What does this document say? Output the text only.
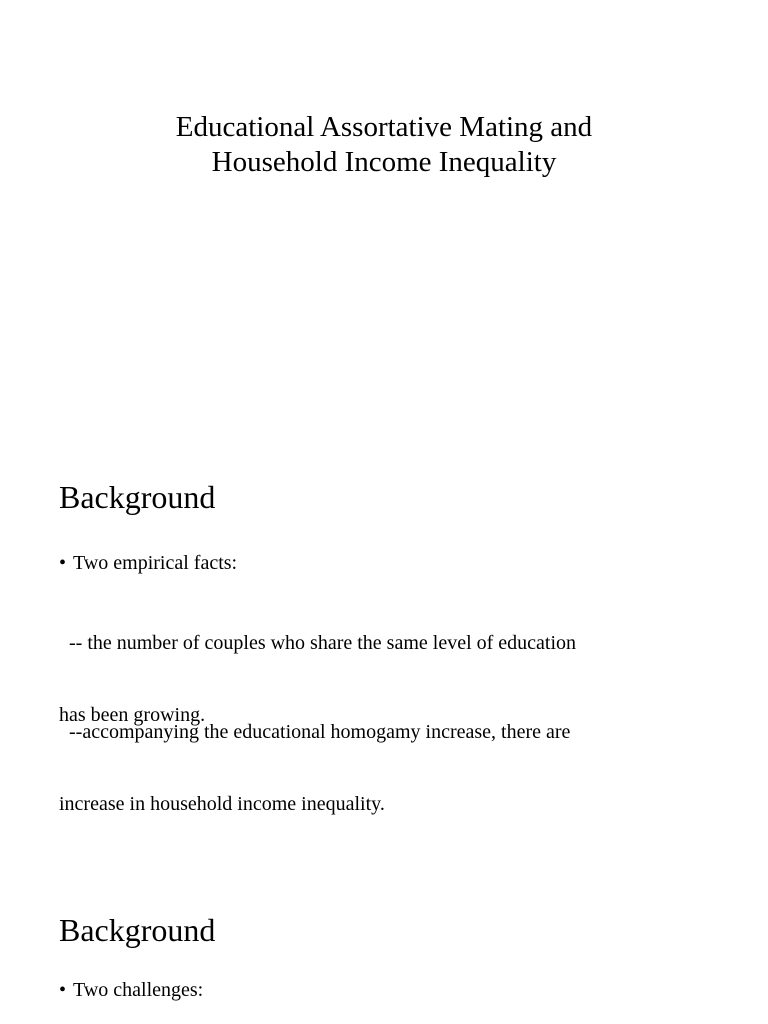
Educational Assortative Mating and
Household Income Inequality
Background
• Two empirical facts:

-- the number of couples who share the same level of education

has been growing.

--accompanying the educational homogamy increase, there are

increase in household income inequality.

Background
• Two challenges:
